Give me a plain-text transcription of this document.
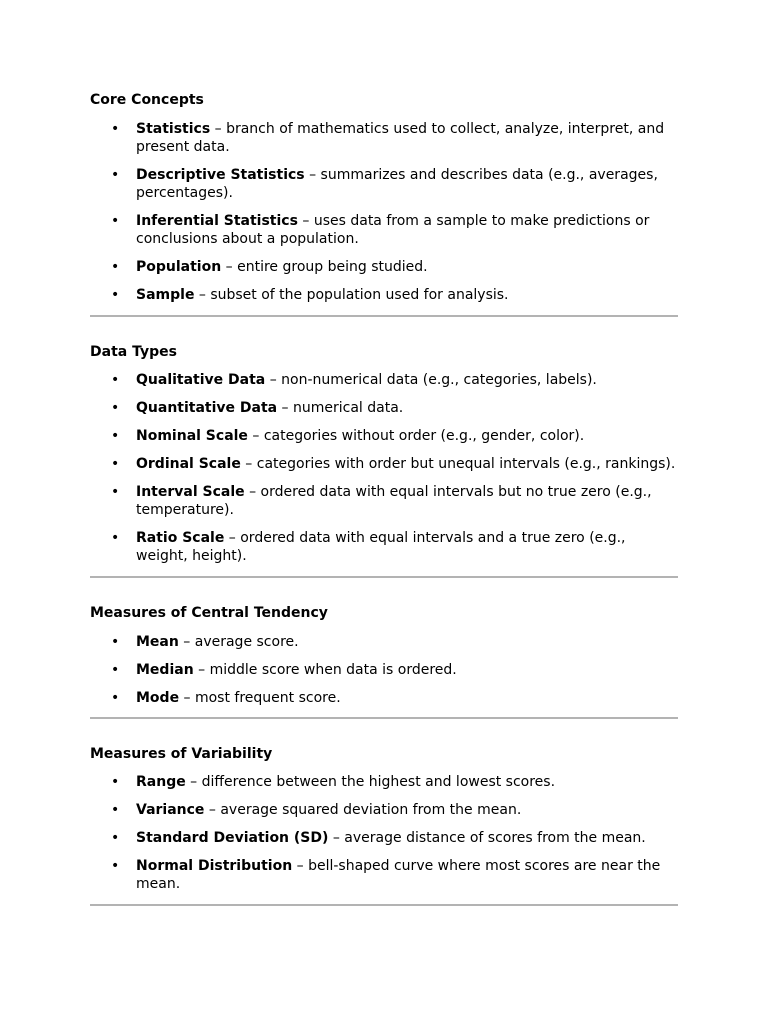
Core Concepts
• Statistics – branch of mathematics used to collect, analyze, interpret, and present data.
• Descriptive Statistics – summarizes and describes data (e.g., averages, percentages).
• Inferential Statistics – uses data from a sample to make predictions or conclusions about a population.
• Population – entire group being studied.
• Sample – subset of the population used for analysis.
Data Types
• Qualitative Data – non-numerical data (e.g., categories, labels).
• Quantitative Data – numerical data.
• Nominal Scale – categories without order (e.g., gender, color).
• Ordinal Scale – categories with order but unequal intervals (e.g., rankings).
• Interval Scale – ordered data with equal intervals but no true zero (e.g., temperature).
• Ratio Scale – ordered data with equal intervals and a true zero (e.g., weight, height).
Measures of Central Tendency
• Mean – average score.
• Median – middle score when data is ordered.
• Mode – most frequent score.
Measures of Variability
• Range – difference between the highest and lowest scores.
• Variance – average squared deviation from the mean.
• Standard Deviation (SD) – average distance of scores from the mean.
• Normal Distribution – bell-shaped curve where most scores are near the mean.
